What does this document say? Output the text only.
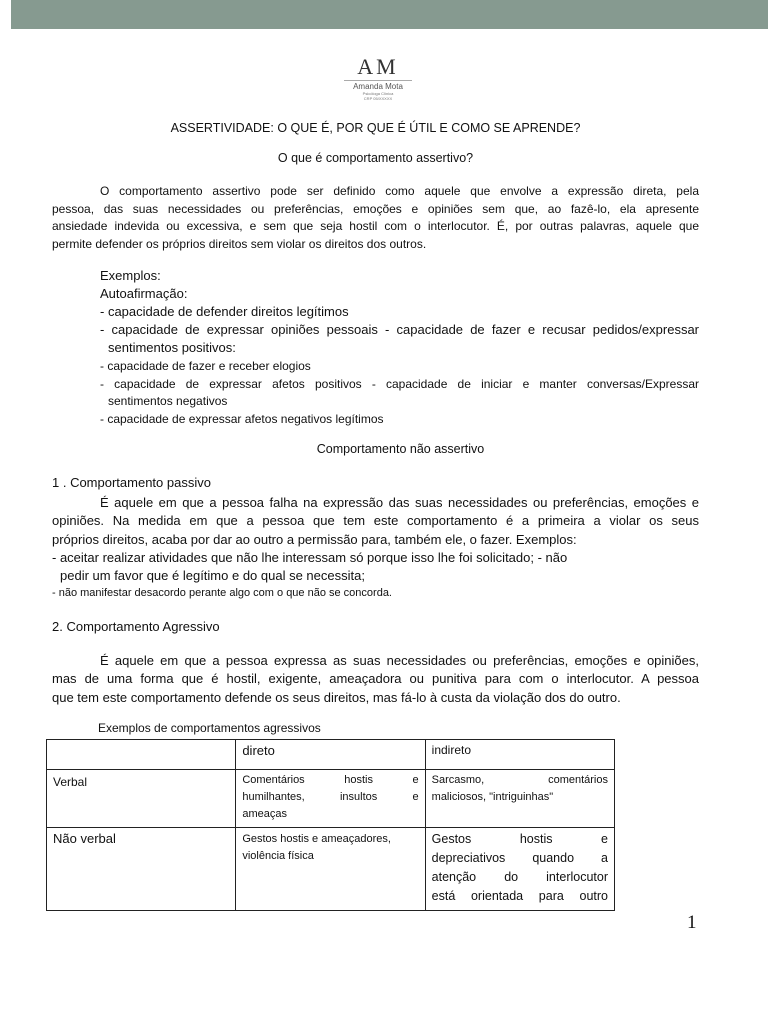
AM
Amanda Mota
Psicóloga Clínica
CRP 05/XXXXX
ASSERTIVIDADE: O QUE É, POR QUE É ÚTIL E COMO SE APRENDE?
O que é comportamento assertivo?
O comportamento assertivo pode ser definido como aquele que envolve a expressão direta, pela
pessoa, das suas necessidades ou preferências, emoções e opiniões sem que, ao fazê-lo, ela apresente
ansiedade indevida ou excessiva, e sem que seja hostil com o interlocutor. É, por outras palavras, aquele que
permite defender os próprios direitos sem violar os direitos dos outros.
Exemplos:
Autoafirmação:
- capacidade de defender direitos legítimos
- capacidade de expressar opiniões pessoais - capacidade de fazer e recusar pedidos/expressar
sentimentos positivos:
- capacidade de fazer e receber elogios
- capacidade de expressar afetos positivos - capacidade de iniciar e manter conversas/Expressar
sentimentos negativos
- capacidade de expressar afetos negativos legítimos
Comportamento não assertivo
1 . Comportamento passivo
É aquele em que a pessoa falha na expressão das suas necessidades ou preferências, emoções e
opiniões. Na medida em que a pessoa que tem este comportamento é a primeira a violar os seus
próprios direitos, acaba por dar ao outro a permissão para, também ele, o fazer. Exemplos:
- aceitar realizar atividades que não lhe interessam só porque isso lhe foi solicitado; - não
pedir um favor que é legítimo e do qual se necessita;
- não manifestar desacordo perante algo com o que não se concorda.
2. Comportamento Agressivo
É aquele em que a pessoa expressa as suas necessidades ou preferências, emoções e opiniões,
mas de uma forma que é hostil, exigente, ameaçadora ou punitiva para com o interlocutor. A pessoa
que tem este comportamento defende os seus direitos, mas fá-lo à custa da violação dos do outro.
Exemplos de comportamentos agressivos
	direto	indireto
Verbal	Comentários hostis e
humilhantes, insultos e
ameaças	Sarcasmo, comentários
maliciosos, "intriguinhas"

Não verbal	Gestos hostis e ameaçadores,
violência física	Gestos hostis e
depreciativos quando a
atenção do interlocutor
está orientada para outro
1
